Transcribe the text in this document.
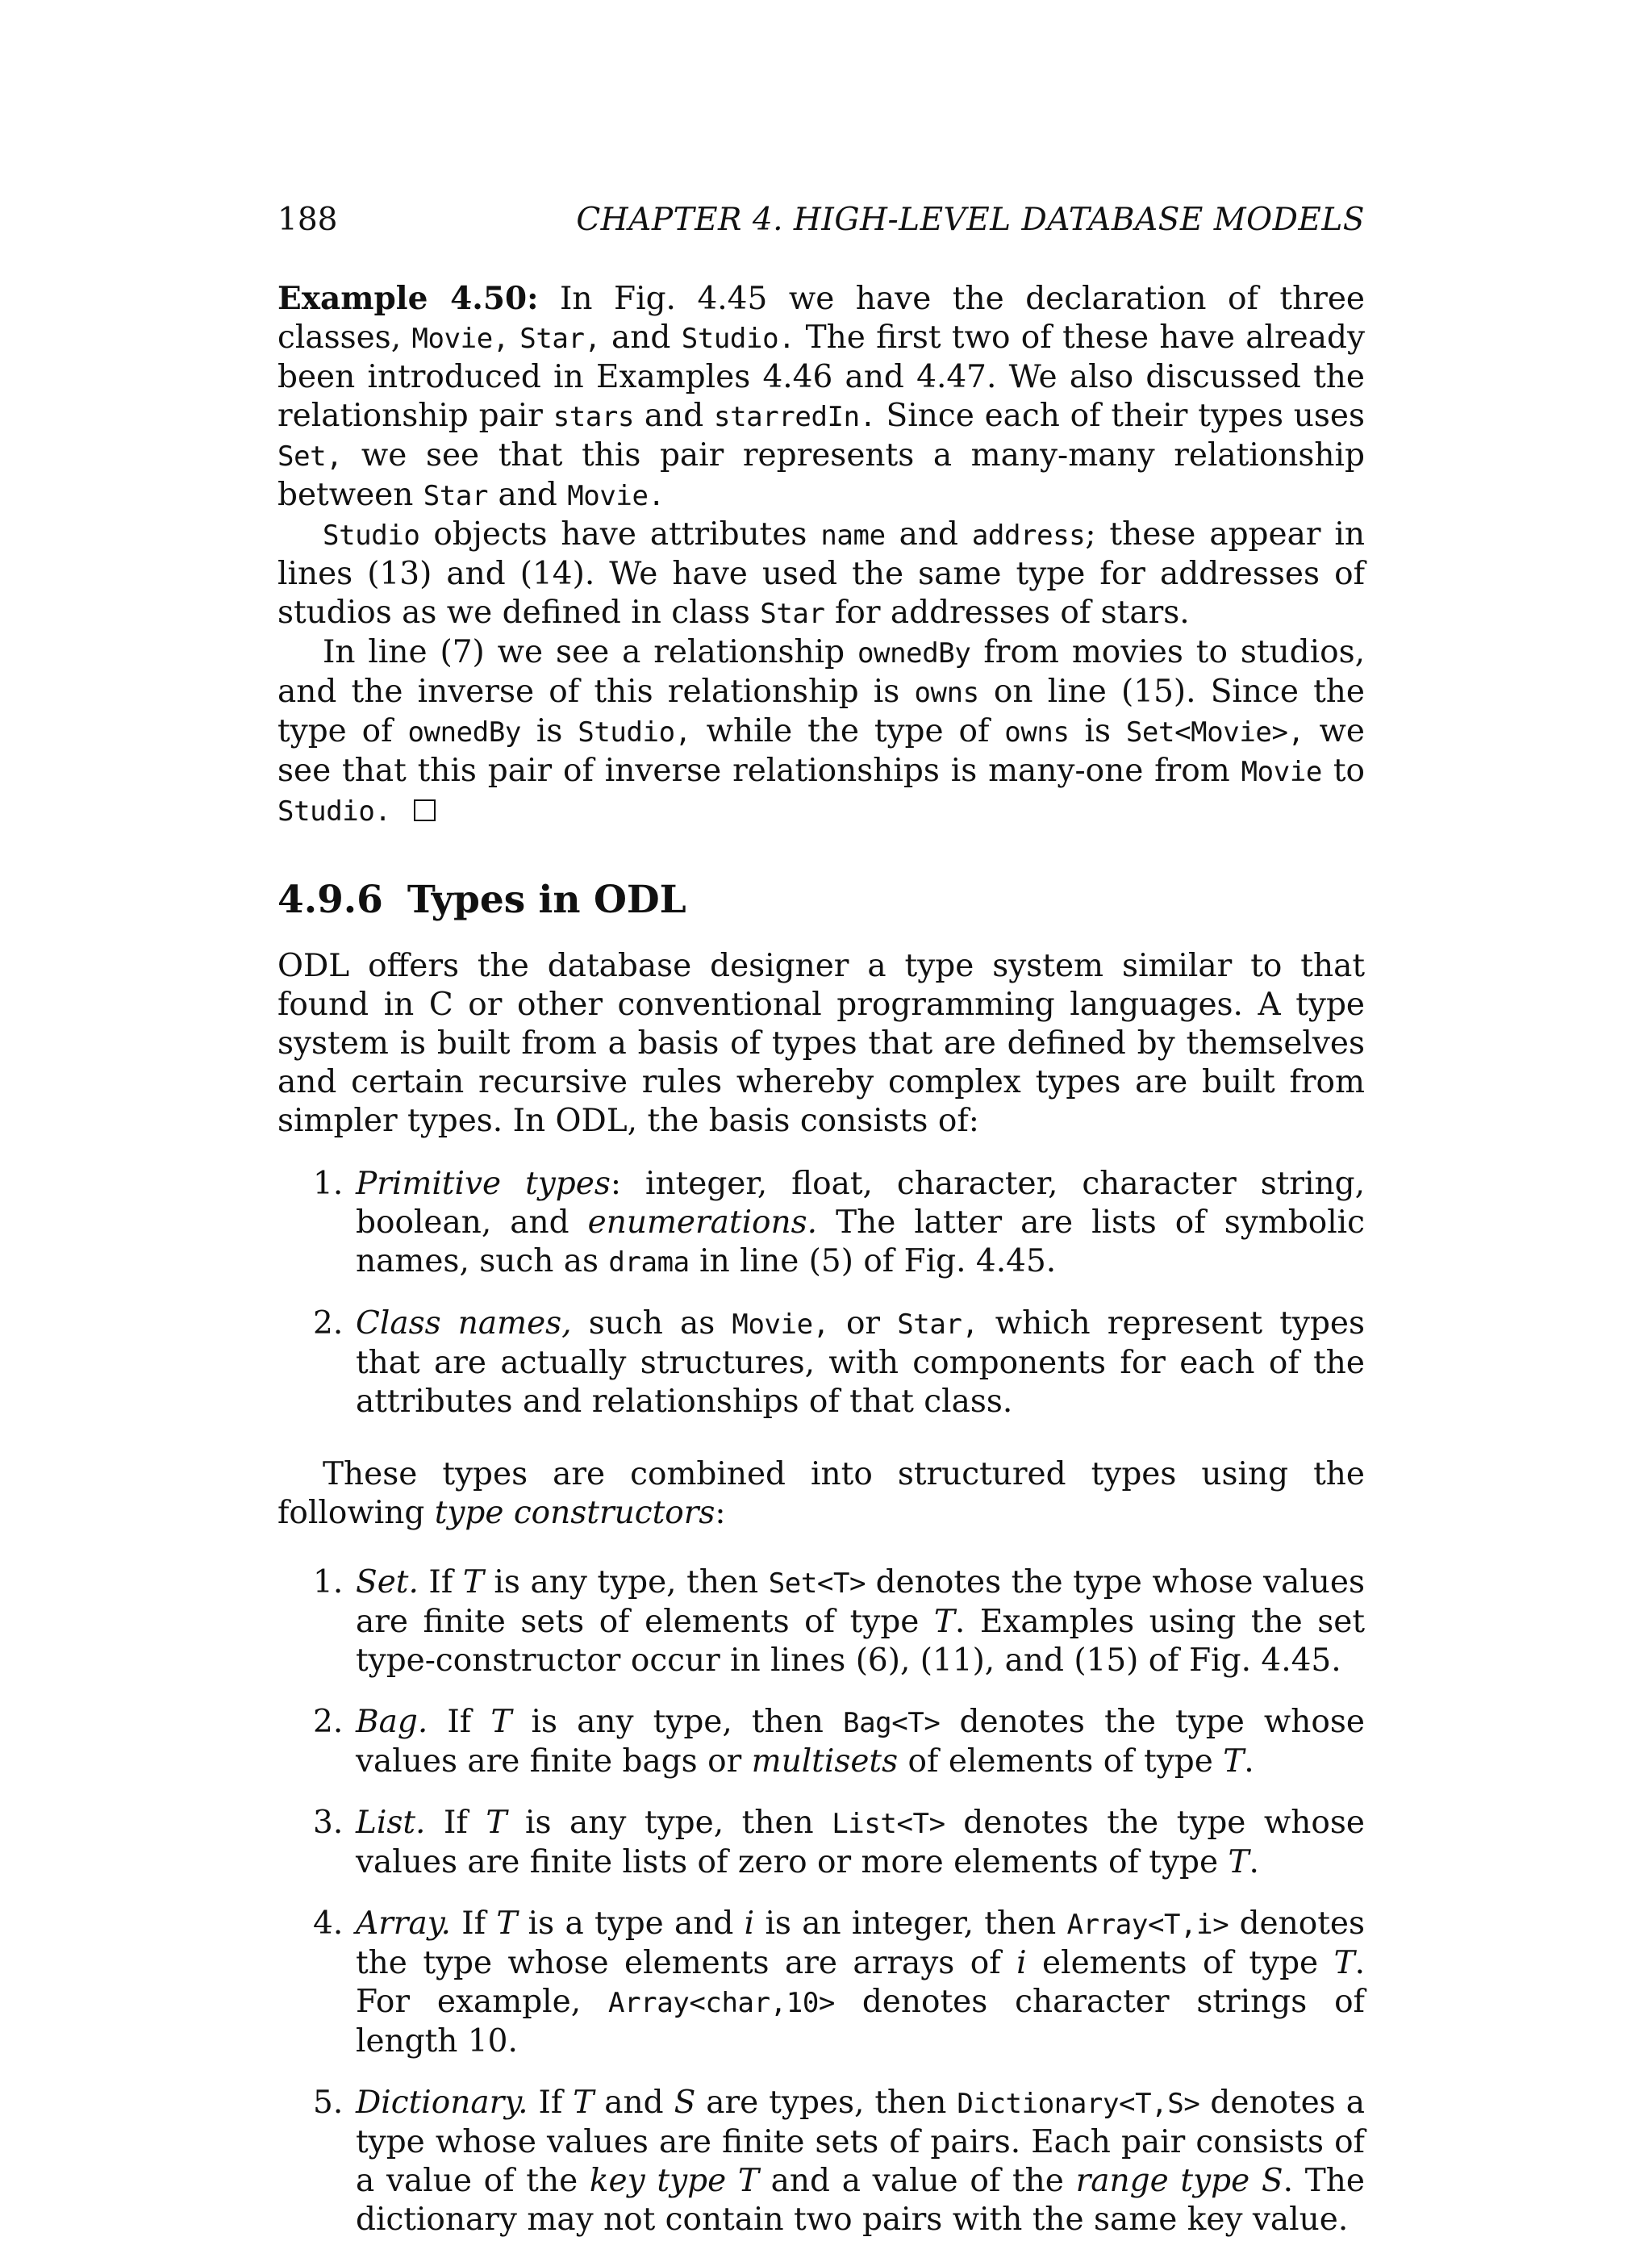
188	CHAPTER 4. HIGH-LEVEL DATABASE MODELS

Example 4.50: In Fig. 4.45 we have the declaration of three classes, Movie, Star, and Studio. The first two of these have already been introduced in Examples 4.46 and 4.47. We also discussed the relationship pair stars and starredIn. Since each of their types uses Set, we see that this pair represents a many-many relationship between Star and Movie.

Studio objects have attributes name and address; these appear in lines (13) and (14). We have used the same type for addresses of studios as we defined in class Star for addresses of stars.

In line (7) we see a relationship ownedBy from movies to studios, and the inverse of this relationship is owns on line (15). Since the type of ownedBy is Studio, while the type of owns is Set<Movie>, we see that this pair of inverse relationships is many-one from Movie to Studio.

4.9.6 Types in ODL

ODL offers the database designer a type system similar to that found in C or other conventional programming languages. A type system is built from a basis of types that are defined by themselves and certain recursive rules whereby complex types are built from simpler types. In ODL, the basis consists of:

1. Primitive types: integer, float, character, character string, boolean, and enumerations. The latter are lists of symbolic names, such as drama in line (5) of Fig. 4.45.
2. Class names, such as Movie, or Star, which represent types that are actually structures, with components for each of the attributes and relationships of that class.

These types are combined into structured types using the following type constructors:

1. Set. If T is any type, then Set<T> denotes the type whose values are finite sets of elements of type T. Examples using the set type-constructor occur in lines (6), (11), and (15) of Fig. 4.45.
2. Bag. If T is any type, then Bag<T> denotes the type whose values are finite bags or multisets of elements of type T.
3. List. If T is any type, then List<T> denotes the type whose values are finite lists of zero or more elements of type T.
4. Array. If T is a type and i is an integer, then Array<T,i> denotes the type whose elements are arrays of i elements of type T. For example, Array<char,10> denotes character strings of length 10.
5. Dictionary. If T and S are types, then Dictionary<T,S> denotes a type whose values are finite sets of pairs. Each pair consists of a value of the key type T and a value of the range type S. The dictionary may not contain two pairs with the same key value.
